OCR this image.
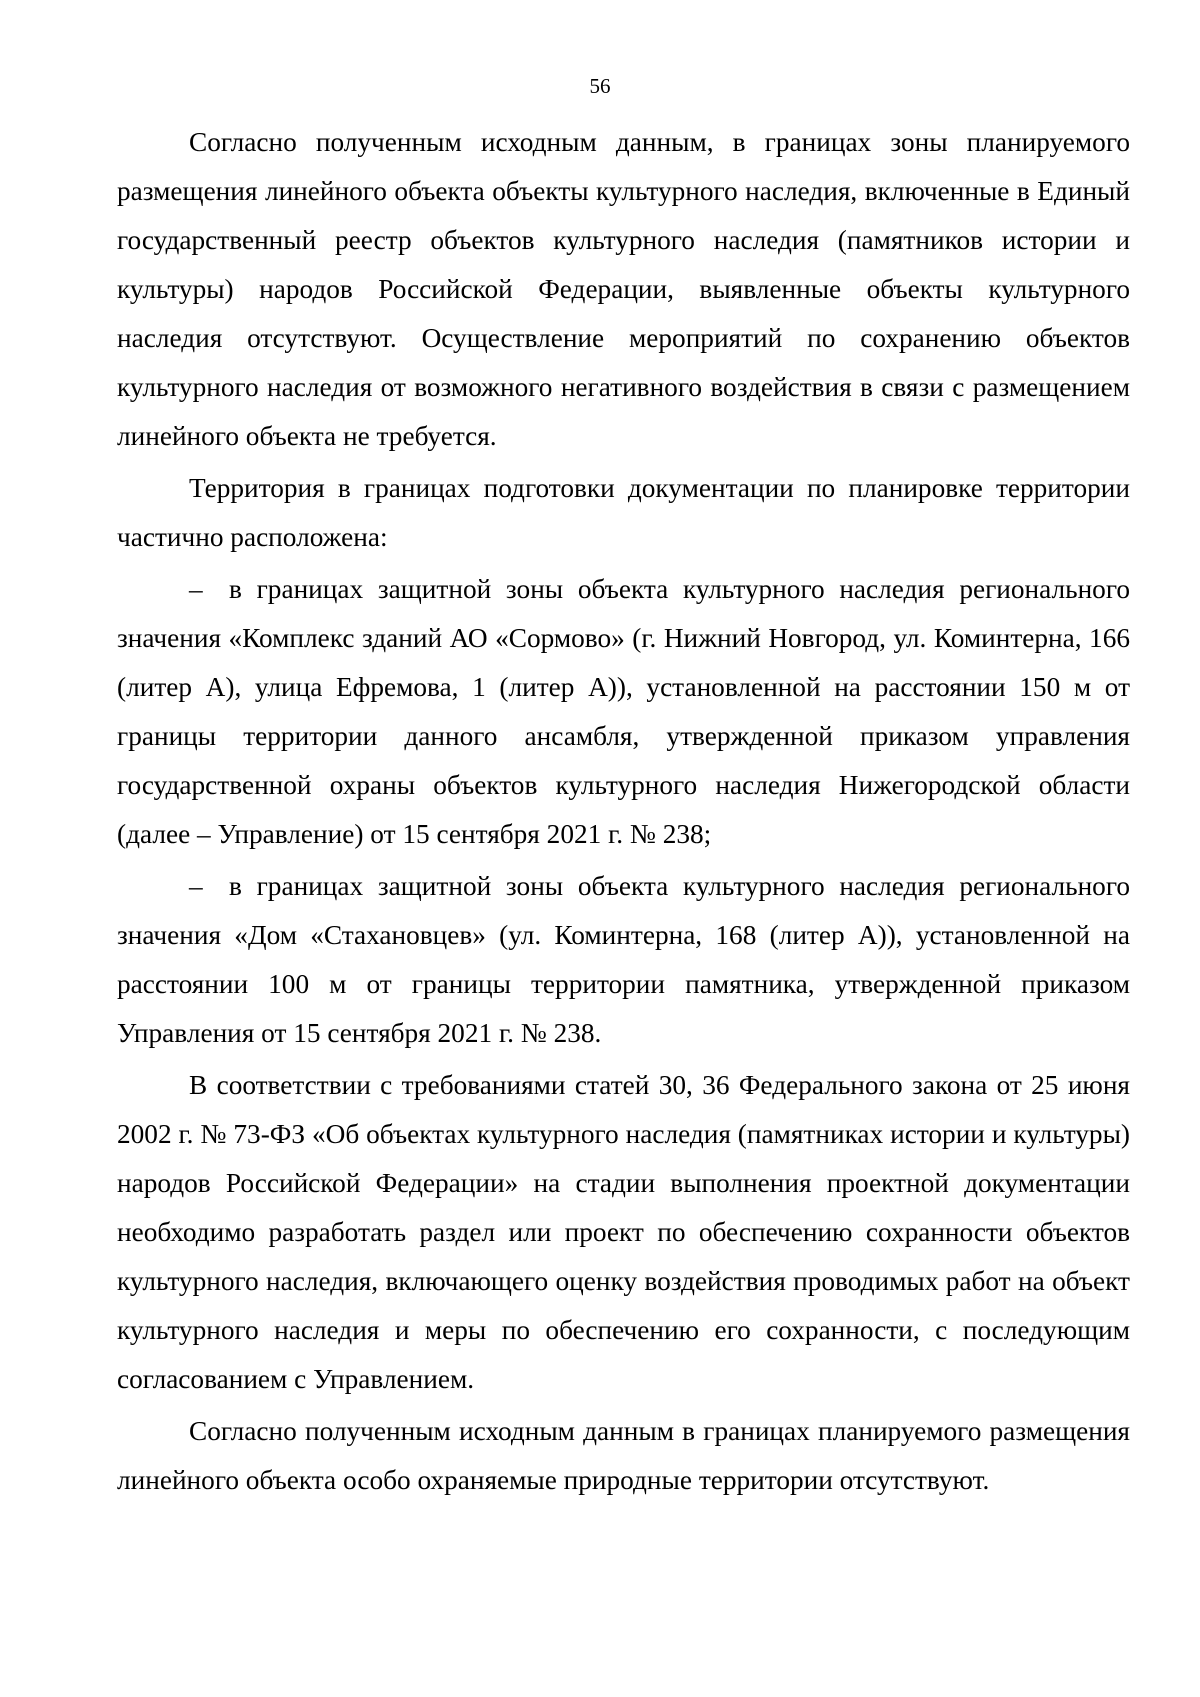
56

Согласно полученным исходным данным, в границах зоны планируемого размещения линейного объекта объекты культурного наследия, включенные в Единый государственный реестр объектов культурного наследия (памятников истории и культуры) народов Российской Федерации, выявленные объекты культурного наследия отсутствуют. Осуществление мероприятий по сохранению объектов культурного наследия от возможного негативного воздействия в связи с размещением линейного объекта не требуется.

Территория в границах подготовки документации по планировке территории частично расположена:

– в границах защитной зоны объекта культурного наследия регионального значения «Комплекс зданий АО «Сормово» (г. Нижний Новгород, ул. Коминтерна, 166 (литер А), улица Ефремова, 1 (литер А)), установленной на расстоянии 150 м от границы территории данного ансамбля, утвержденной приказом управления государственной охраны объектов культурного наследия Нижегородской области (далее – Управление) от 15 сентября 2021 г. № 238;

– в границах защитной зоны объекта культурного наследия регионального значения «Дом «Стахановцев» (ул. Коминтерна, 168 (литер А)), установленной на расстоянии 100 м от границы территории памятника, утвержденной приказом Управления от 15 сентября 2021 г. № 238.

В соответствии с требованиями статей 30, 36 Федерального закона от 25 июня 2002 г. № 73-ФЗ «Об объектах культурного наследия (памятниках истории и культуры) народов Российской Федерации» на стадии выполнения проектной документации необходимо разработать раздел или проект по обеспечению сохранности объектов культурного наследия, включающего оценку воздействия проводимых работ на объект культурного наследия и меры по обеспечению его сохранности, с последующим согласованием с Управлением.

Согласно полученным исходным данным в границах планируемого размещения линейного объекта особо охраняемые природные территории отсутствуют.
